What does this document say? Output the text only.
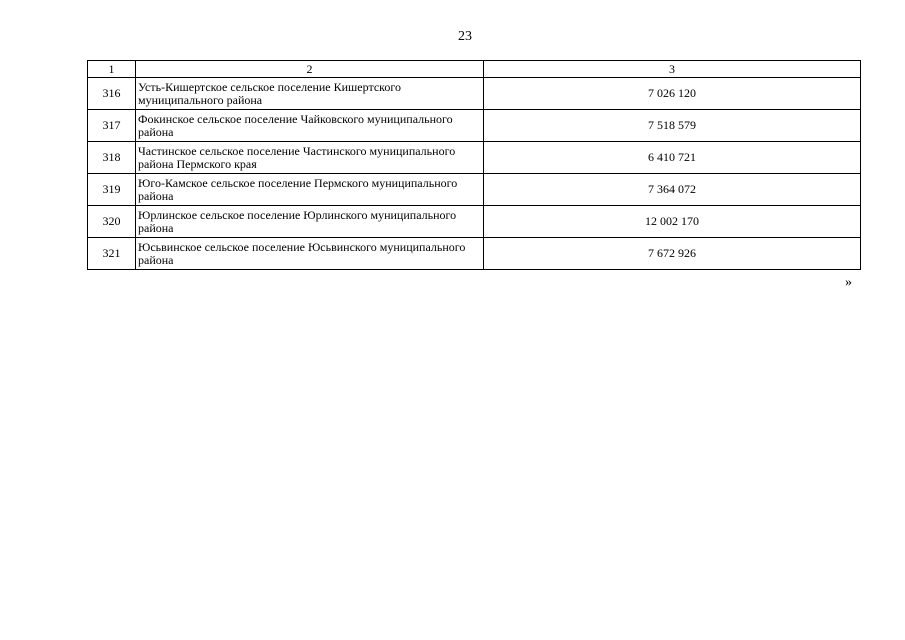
23
1	2	3
316	Усть-Кишертское сельское поселение Кишертского муниципального района	7 026 120
317	Фокинское сельское поселение Чайковского муниципального района	7 518 579
318	Частинское сельское поселение Частинского муниципального района Пермского края	6 410 721
319	Юго-Камское сельское поселение Пермского муниципального района	7 364 072
320	Юрлинское сельское поселение Юрлинского муниципального района	12 002 170
321	Юсьвинское сельское поселение Юсьвинского муниципального района	7 672 926
»
